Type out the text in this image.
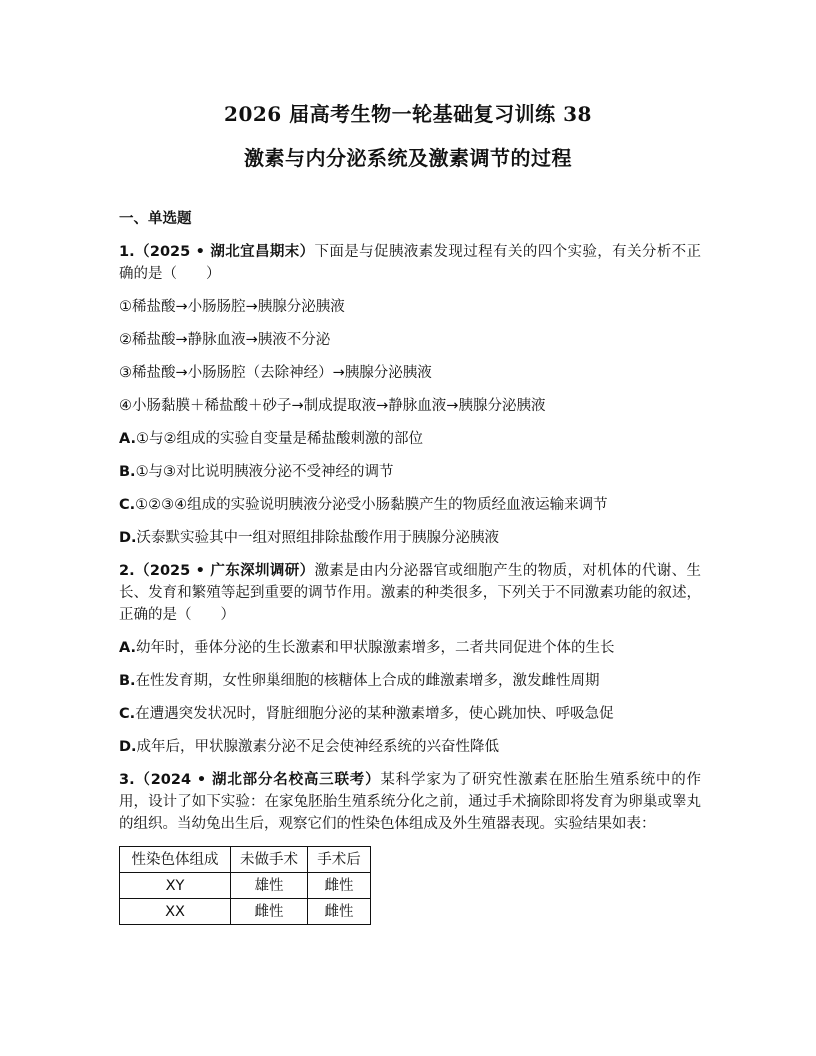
2026 届高考生物一轮基础复习训练 38
激素与内分泌系统及激素调节的过程
一、单选题
1.（2025 • 湖北宜昌期末）下面是与促胰液素发现过程有关的四个实验，有关分析不正确的是（　　）
①稀盐酸→小肠肠腔→胰腺分泌胰液
②稀盐酸→静脉血液→胰液不分泌
③稀盐酸→小肠肠腔（去除神经）→胰腺分泌胰液
④小肠黏膜＋稀盐酸＋砂子→制成提取液→静脉血液→胰腺分泌胰液
A.①与②组成的实验自变量是稀盐酸刺激的部位
B.①与③对比说明胰液分泌不受神经的调节
C.①②③④组成的实验说明胰液分泌受小肠黏膜产生的物质经血液运输来调节
D.沃泰默实验其中一组对照组排除盐酸作用于胰腺分泌胰液
2.（2025 • 广东深圳调研）激素是由内分泌器官或细胞产生的物质，对机体的代谢、生长、发育和繁殖等起到重要的调节作用。激素的种类很多，下列关于不同激素功能的叙述，正确的是（　　）
A.幼年时，垂体分泌的生长激素和甲状腺激素增多，二者共同促进个体的生长
B.在性发育期，女性卵巢细胞的核糖体上合成的雌激素增多，激发雌性周期
C.在遭遇突发状况时，肾脏细胞分泌的某种激素增多，使心跳加快、呼吸急促
D.成年后，甲状腺激素分泌不足会使神经系统的兴奋性降低
3.（2024 • 湖北部分名校高三联考）某科学家为了研究性激素在胚胎生殖系统中的作用，设计了如下实验：在家兔胚胎生殖系统分化之前，通过手术摘除即将发育为卵巢或睾丸的组织。当幼兔出生后，观察它们的性染色体组成及外生殖器表现。实验结果如表：
性染色体组成	未做手术	手术后
XY	雄性	雌性
XX	雌性	雌性
